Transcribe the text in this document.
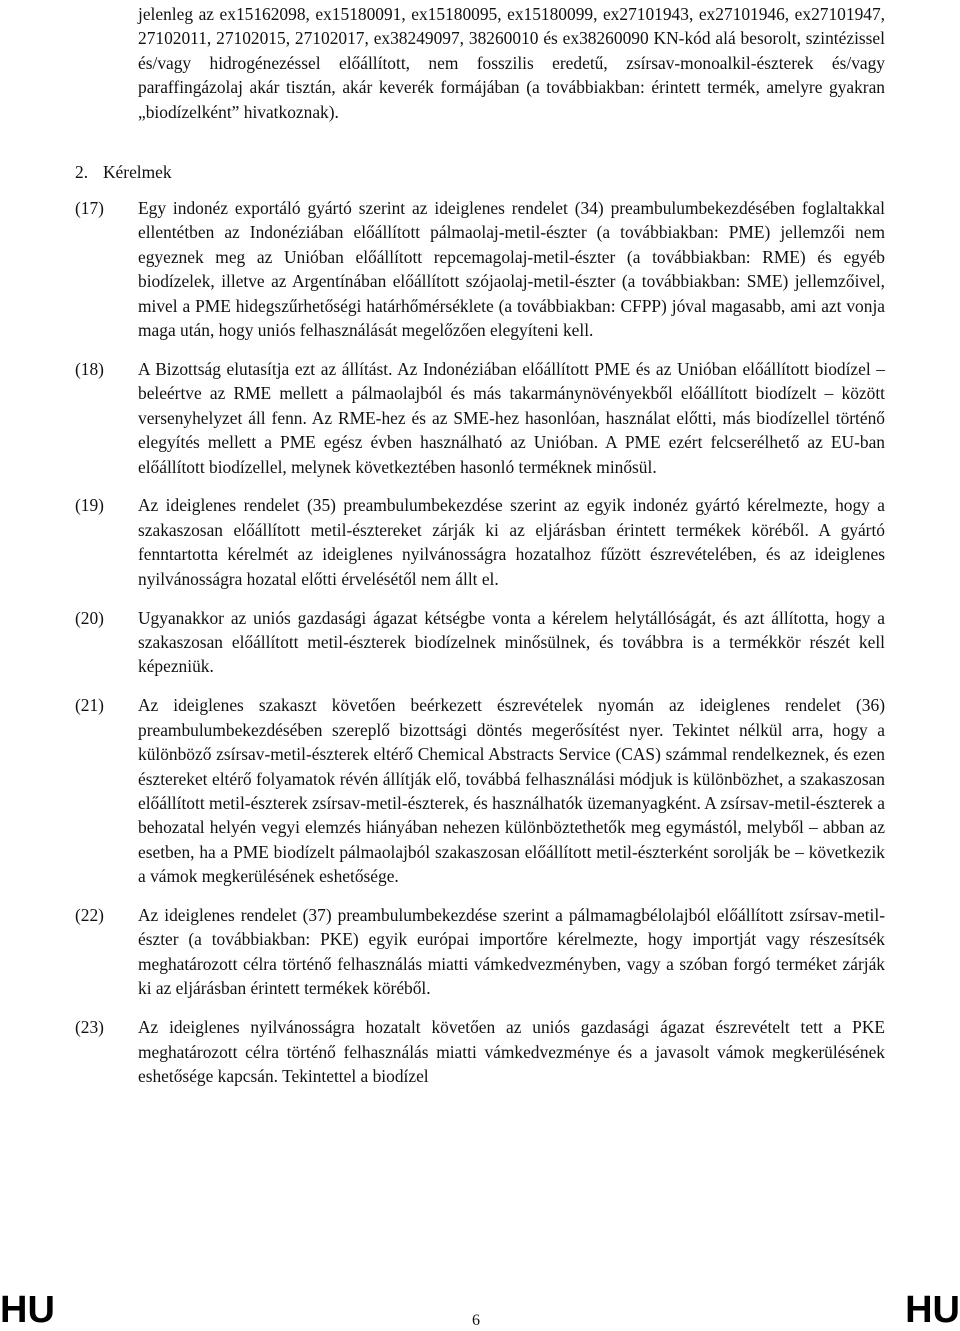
jelenleg az ex15162098, ex15180091, ex15180095, ex15180099, ex27101943, ex27101946, ex27101947, 27102011, 27102015, 27102017, ex38249097, 38260010 és ex38260090 KN-kód alá besorolt, szintézissel és/vagy hidrogénezéssel előállított, nem fosszilis eredetű, zsírsav-monoalkil-észterek és/vagy paraffingázolaj akár tisztán, akár keverék formájában (a továbbiakban: érintett termék, amelyre gyakran „biodízelként” hivatkoznak).

2. Kérelmek
(17)	Egy indonéz exportáló gyártó szerint az ideiglenes rendelet (34) preambulumbekezdésében foglaltakkal ellentétben az Indonéziában előállított pálmaolaj-metil-észter (a továbbiakban: PME) jellemzői nem egyeznek meg az Unióban előállított repcemagolaj-metil-észter (a továbbiakban: RME) és egyéb biodízelek, illetve az Argentínában előállított szójaolaj-metil-észter (a továbbiakban: SME) jellemzőivel, mivel a PME hidegszűrhetőségi határhőmérséklete (a továbbiakban: CFPP) jóval magasabb, ami azt vonja maga után, hogy uniós felhasználását megelőzően elegyíteni kell.

(18)	A Bizottság elutasítja ezt az állítást. Az Indonéziában előállított PME és az Unióban előállított biodízel ‒ beleértve az RME mellett a pálmaolajból és más takarmánynövényekből előállított biodízelt ‒ között versenyhelyzet áll fenn. Az RME-hez és az SME-hez hasonlóan, használat előtti, más biodízellel történő elegyítés mellett a PME egész évben használható az Unióban. A PME ezért felcserélhető az EU-ban előállított biodízellel, melynek következtében hasonló terméknek minősül.

(19)	Az ideiglenes rendelet (35) preambulumbekezdése szerint az egyik indonéz gyártó kérelmezte, hogy a szakaszosan előállított metil-észtereket zárják ki az eljárásban érintett termékek köréből. A gyártó fenntartotta kérelmét az ideiglenes nyilvánosságra hozatalhoz fűzött észrevételében, és az ideiglenes nyilvánosságra hozatal előtti érvelésétől nem állt el.

(20)	Ugyanakkor az uniós gazdasági ágazat kétségbe vonta a kérelem helytállóságát, és azt állította, hogy a szakaszosan előállított metil-észterek biodízelnek minősülnek, és továbbra is a termékkör részét kell képezniük.

(21)	Az ideiglenes szakaszt követően beérkezett észrevételek nyomán az ideiglenes rendelet (36) preambulumbekezdésében szereplő bizottsági döntés megerősítést nyer. Tekintet nélkül arra, hogy a különböző zsírsav-metil-észterek eltérő Chemical Abstracts Service (CAS) számmal rendelkeznek, és ezen észtereket eltérő folyamatok révén állítják elő, továbbá felhasználási módjuk is különbözhet, a szakaszosan előállított metil-észterek zsírsav-metil-észterek, és használhatók üzemanyagként. A zsírsav-metil-észterek a behozatal helyén vegyi elemzés hiányában nehezen különböztethetők meg egymástól, melyből ‒ abban az esetben, ha a PME biodízelt pálmaolajból szakaszosan előállított metil-észterként sorolják be ‒ következik a vámok megkerülésének eshetősége.

(22)	Az ideiglenes rendelet (37) preambulumbekezdése szerint a pálmamagbélolajból előállított zsírsav-metil-észter (a továbbiakban: PKE) egyik európai importőre kérelmezte, hogy importját vagy részesítsék meghatározott célra történő felhasználás miatti vámkedvezményben, vagy a szóban forgó terméket zárják ki az eljárásban érintett termékek köréből.

(23)	Az ideiglenes nyilvánosságra hozatalt követően az uniós gazdasági ágazat észrevételt tett a PKE meghatározott célra történő felhasználás miatti vámkedvezménye és a javasolt vámok megkerülésének eshetősége kapcsán. Tekintettel a biodízel

HU	6	HU
